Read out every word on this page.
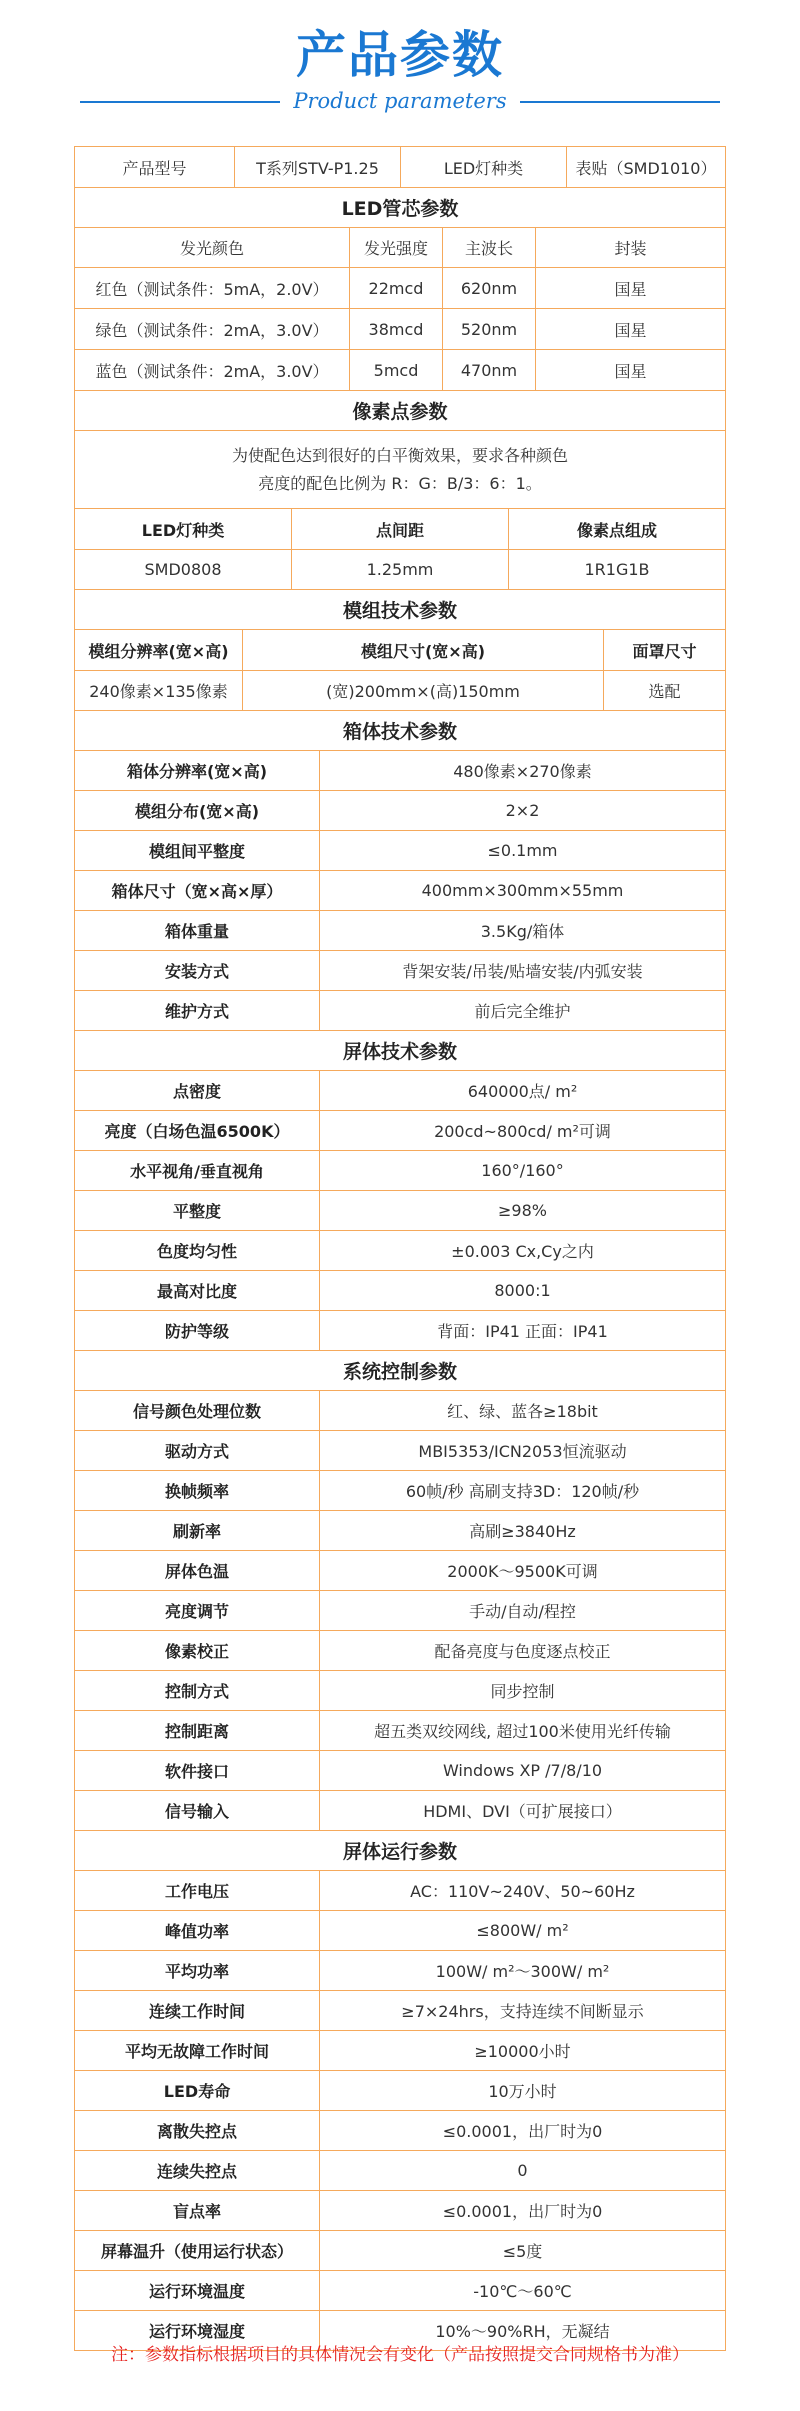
产品参数
Product parameters
产品型号	T系列STV-P1.25	LED灯种类	表贴（SMD1010）
LED管芯参数
发光颜色	发光强度	主波长	封装
红色（测试条件：5mA，2.0V）	22mcd	620nm	国星
绿色（测试条件：2mA，3.0V）	38mcd	520nm	国星
蓝色（测试条件：2mA，3.0V）	5mcd	470nm	国星
像素点参数
为使配色达到很好的白平衡效果，要求各种颜色
亮度的配色比例为 R：G：B/3：6：1。
LED灯种类	点间距	像素点组成
SMD0808	1.25mm	1R1G1B
模组技术参数
模组分辨率(宽×高)	模组尺寸(宽×高)	面罩尺寸
240像素×135像素	(宽)200mm×(高)150mm	选配
箱体技术参数
箱体分辨率(宽×高)	480像素×270像素
模组分布(宽×高)	2×2
模组间平整度	≤0.1mm
箱体尺寸（宽×高×厚）	400mm×300mm×55mm
箱体重量	3.5Kg/箱体
安装方式	背架安装/吊装/贴墙安装/内弧安装
维护方式	前后完全维护
屏体技术参数
点密度	640000点/ m²
亮度（白场色温6500K）	200cd~800cd/ m²可调
水平视角/垂直视角	160°/160°
平整度	≥98%
色度均匀性	±0.003 Cx,Cy之内
最高对比度	8000:1
防护等级	背面：IP41 正面：IP41
系统控制参数
信号颜色处理位数	红、绿、蓝各≥18bit
驱动方式	MBI5353/ICN2053恒流驱动
换帧频率	60帧/秒 高刷支持3D：120帧/秒
刷新率	高刷≥3840Hz
屏体色温	2000K～9500K可调
亮度调节	手动/自动/程控
像素校正	配备亮度与色度逐点校正
控制方式	同步控制
控制距离	超五类双绞网线, 超过100米使用光纤传输
软件接口	Windows XP /7/8/10
信号输入	HDMI、DVI（可扩展接口）
屏体运行参数
工作电压	AC：110V~240V、50~60Hz
峰值功率	≤800W/ m²
平均功率	100W/ m²～300W/ m²
连续工作时间	≥7×24hrs，支持连续不间断显示
平均无故障工作时间	≥10000小时
LED寿命	10万小时
离散失控点	≤0.0001，出厂时为0
连续失控点	0
盲点率	≤0.0001，出厂时为0
屏幕温升（使用运行状态）	≤5度
运行环境温度	-10℃～60℃
运行环境湿度	10%～90%RH，无凝结
注：参数指标根据项目的具体情况会有变化（产品按照提交合同规格书为准）
